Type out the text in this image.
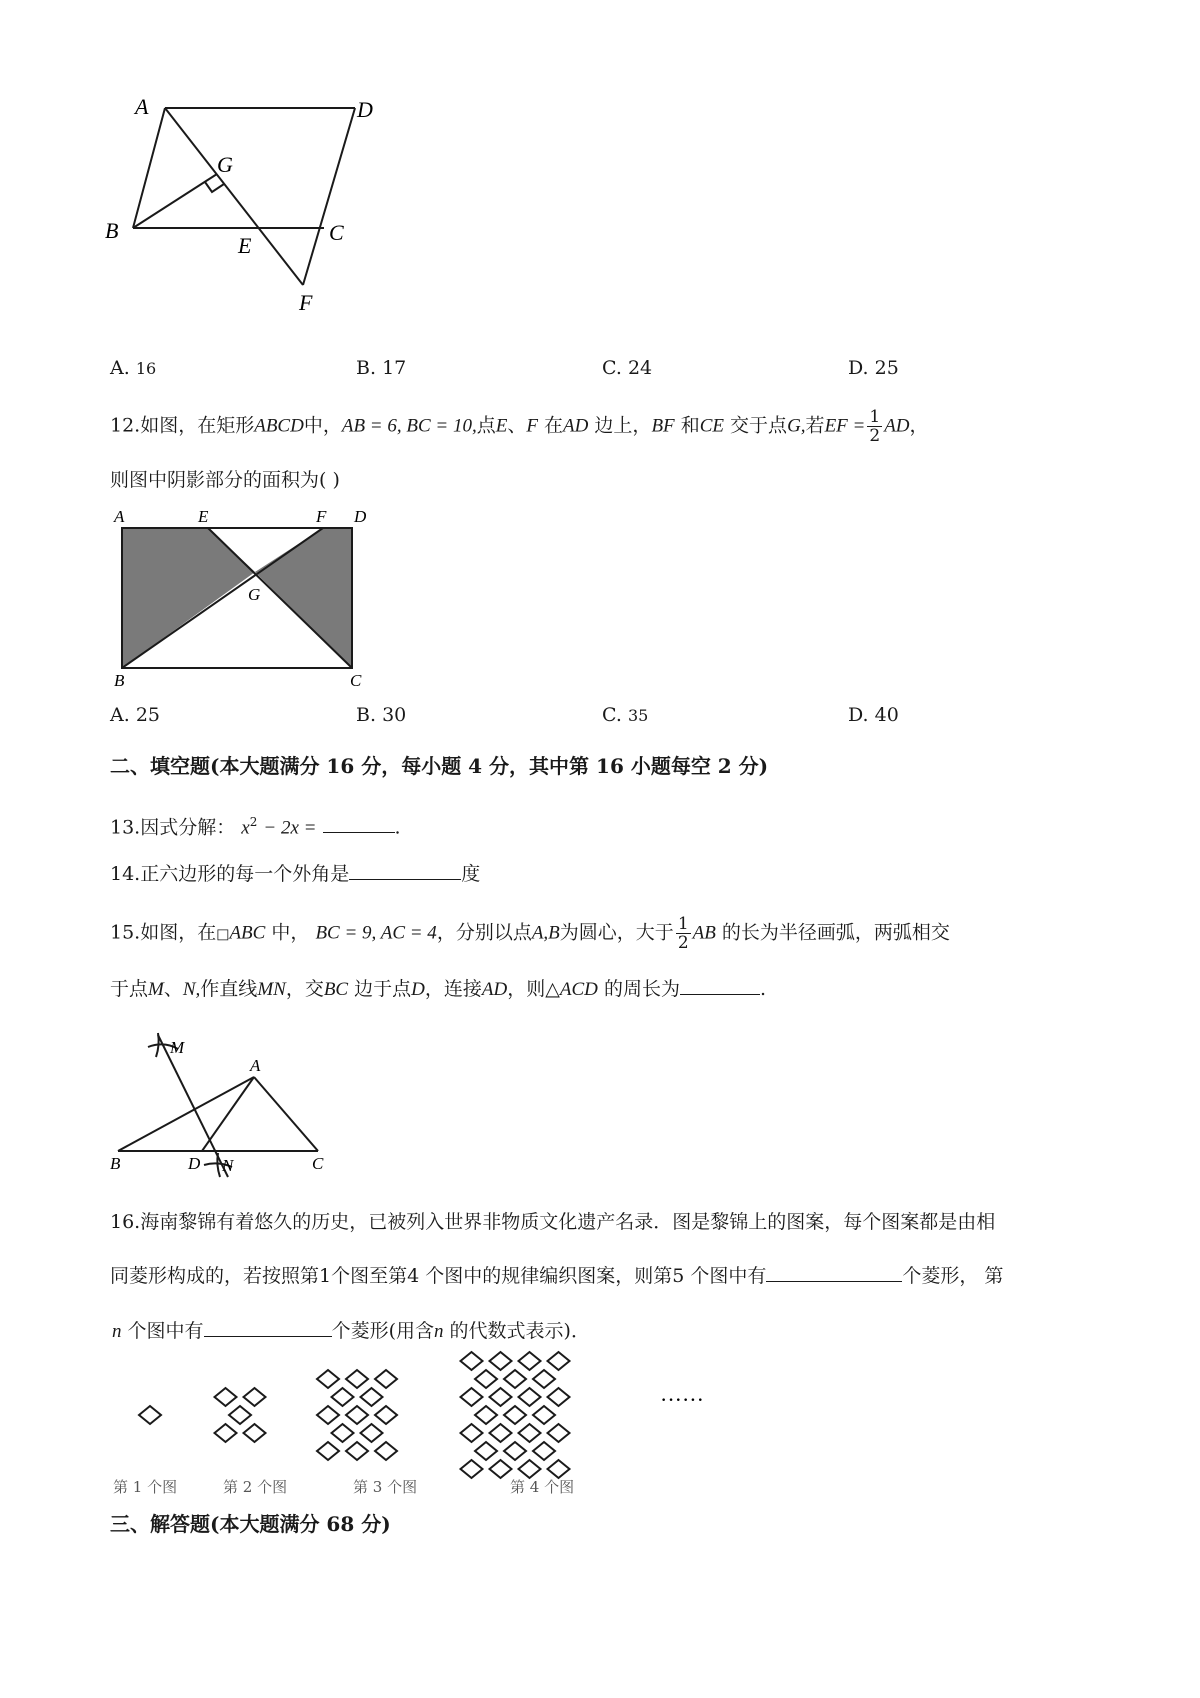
A	D
G
B	C
E
F
A. 16	B. 17	C. 24	D. 25
12.如图，在矩形ABCD中，AB = 6, BC = 10,点E、F 在AD 边上，BF 和CE 交于点G,若EF = $\frac{1}{2}$ AD，
则图中阴影部分的面积为( )
A	E	F D
G
B	C
A. 25	B. 30	C. 35	D. 40
二、填空题(本大题满分 16 分，每小题 4 分，其中第 16 小题每空 2 分)
13.因式分解： $x^2 - 2x$ =	.
14.正六边形的每一个外角是	度
15.如图，在□ABC 中， BC = 9, AC = 4，分别以点A,B为圆心，大于 $\frac{1}{2}$ AB 的长为半径画弧，两弧相交
于点M、N,作直线MN，交BC 边于点D，连接AD，则△ACD 的周长为	.
M
A
B	D N	C
16.海南黎锦有着悠久的历史，已被列入世界非物质文化遗产名录．图是黎锦上的图案，每个图案都是由相
同菱形构成的，若按照第1个图至第4 个图中的规律编织图案，则第5 个图中有	个菱形， 第
n 个图中有	个菱形(用含n 的代数式表示)．
······
第 1 个图	第 2 个图	第 3 个图	第 4 个图
三、解答题(本大题满分 68 分)
